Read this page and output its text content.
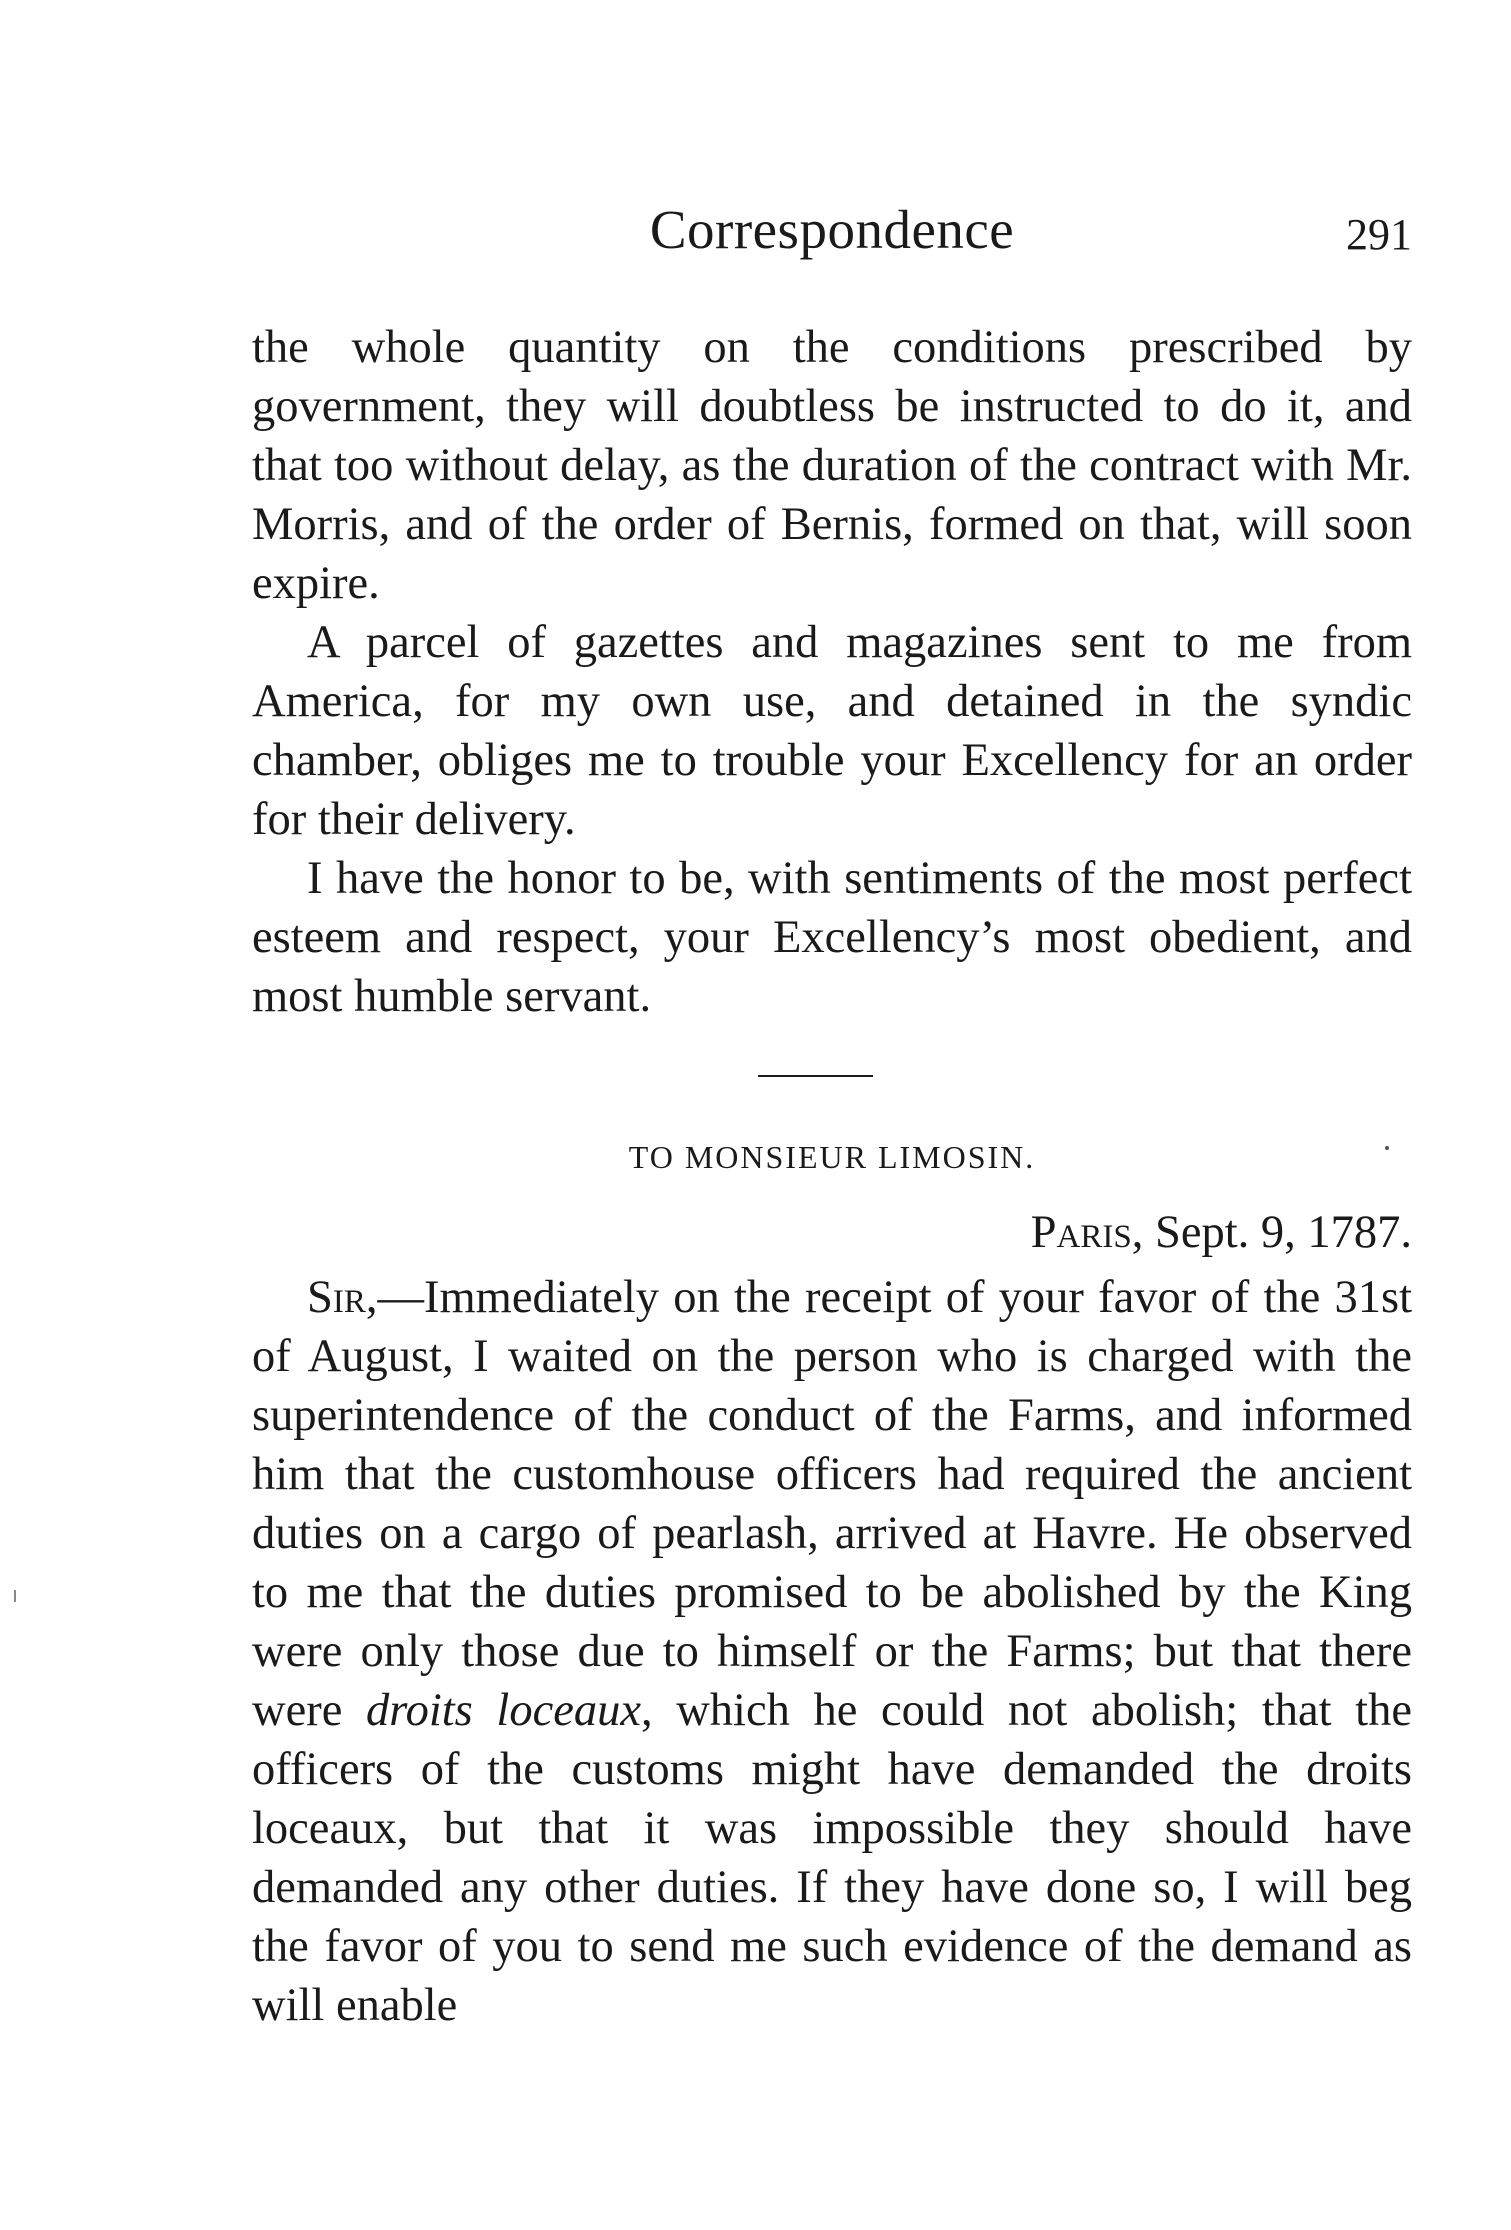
Correspondence	291

the whole quantity on the conditions prescribed by government, they will doubtless be instructed to do it, and that too without delay, as the duration of the contract with Mr. Morris, and of the order of Bernis, formed on that, will soon expire.

A parcel of gazettes and magazines sent to me from America, for my own use, and detained in the syndic chamber, obliges me to trouble your Excellency for an order for their delivery.

I have the honor to be, with sentiments of the most perfect esteem and respect, your Excellency’s most obedient, and most humble servant.

TO MONSIEUR LIMOSIN.
Paris, Sept. 9, 1787.

Sir,—Immediately on the receipt of your favor of the 31st of August, I waited on the person who is charged with the superintendence of the conduct of the Farms, and informed him that the customhouse officers had required the ancient duties on a cargo of pearlash, arrived at Havre. He observed to me that the duties promised to be abolished by the King were only those due to himself or the Farms; but that there were droits loceaux, which he could not abolish; that the officers of the customs might have demanded the droits loceaux, but that it was impossible they should have demanded any other duties. If they have done so, I will beg the favor of you to send me such evidence of the demand as will enable
